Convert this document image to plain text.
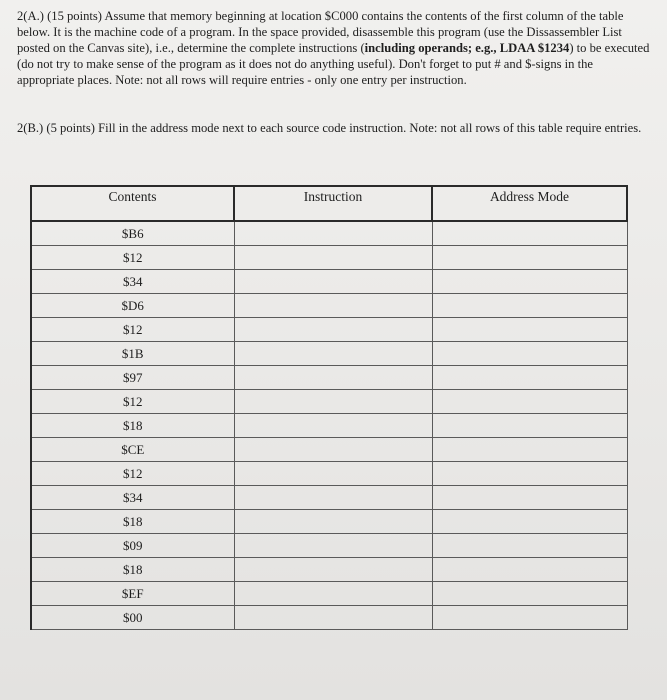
2(A.) (15 points) Assume that memory beginning at location $C000 contains the contents of the first column of the table below. It is the machine code of a program. In the space provided, disassemble this program (use the Dissassembler List posted on the Canvas site), i.e., determine the complete instructions (including operands; e.g., LDAA $1234) to be executed (do not try to make sense of the program as it does not do anything useful). Don't forget to put # and $-signs in the appropriate places. Note: not all rows will require entries - only one entry per instruction.

2(B.) (5 points) Fill in the address mode next to each source code instruction. Note: not all rows of this table require entries.

Contents	Instruction	Address Mode
$B6		
$12		
$34		
$D6		
$12		
$1B		
$97		
$12		
$18		
$CE		
$12		
$34		
$18		
$09		
$18		
$EF		
$00		
